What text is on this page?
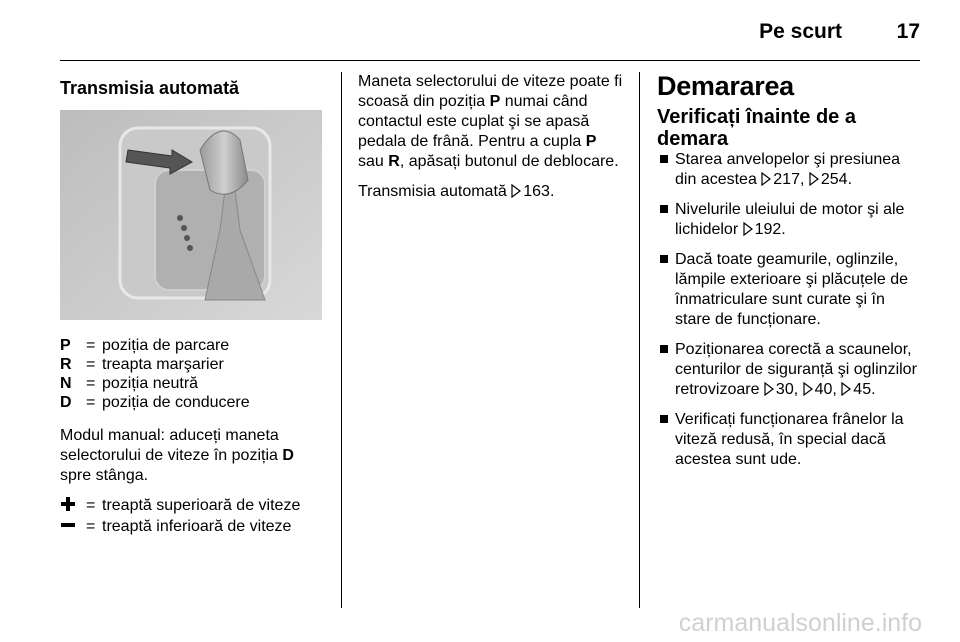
Pe scurt	17
Transmisia automată
P = poziția de parcare
R = treapta marşarier
N = poziția neutră
D = poziția de conducere

Modul manual: aduceți maneta selectorului de viteze în poziția D spre stânga.

= treaptă superioară de viteze
= treaptă inferioară de viteze

Maneta selectorului de viteze poate fi scoasă din poziția P numai când contactul este cuplat şi se apasă pedala de frână. Pentru a cupla P sau R, apăsați butonul de deblocare.

Transmisia automată 163.

Demararea
Verificați înainte de a demara
Starea anvelopelor şi presiunea din acestea 217, 254.
Nivelurile uleiului de motor şi ale lichidelor 192.
Dacă toate geamurile, oglinzile, lămpile exterioare şi plăcuțele de înmatriculare sunt curate şi în stare de funcționare.
Poziționarea corectă a scaunelor, centurilor de siguranță şi oglinzilor retrovizoare 30, 40, 45.
Verificați funcționarea frânelor la viteză redusă, în special dacă acestea sunt ude.
carmanualsonline.info
